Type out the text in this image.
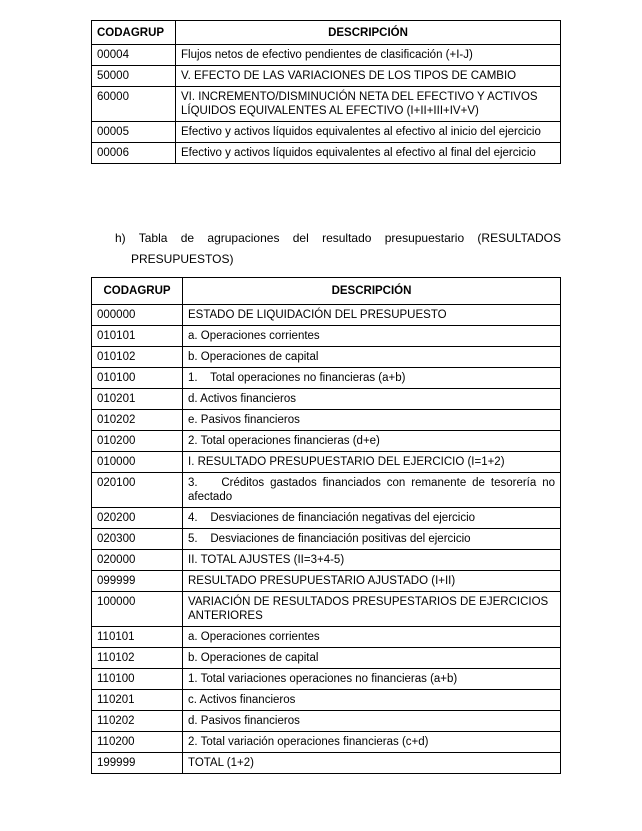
CODAGRUP	DESCRIPCIÓN
00004	Flujos netos de efectivo pendientes de clasificación (+I-J)
50000	V. EFECTO DE LAS VARIACIONES DE LOS TIPOS DE CAMBIO
60000	VI. INCREMENTO/DISMINUCIÓN NETA DEL EFECTIVO Y ACTIVOS LÍQUIDOS EQUIVALENTES AL EFECTIVO (I+II+III+IV+V)
00005	Efectivo y activos líquidos equivalentes al efectivo al inicio del ejercicio
00006	Efectivo y activos líquidos equivalentes al efectivo al final del ejercicio
h) Tabla de agrupaciones del resultado presupuestario (RESULTADOS
PRESUPUESTOS)
CODAGRUP	DESCRIPCIÓN
000000	ESTADO DE LIQUIDACIÓN DEL PRESUPUESTO
010101	a. Operaciones corrientes
010102	b. Operaciones de capital
010100	1.    Total operaciones no financieras (a+b)
010201	d. Activos financieros
010202	e. Pasivos financieros
010200	2. Total operaciones financieras (d+e)
010000	I. RESULTADO PRESUPUESTARIO DEL EJERCICIO (I=1+2)
020100	3.    Créditos gastados financiados con remanente de tesorería no afectado
020200	4.    Desviaciones de financiación negativas del ejercicio
020300	5.    Desviaciones de financiación positivas del ejercicio
020000	II. TOTAL AJUSTES (II=3+4-5)
099999	RESULTADO PRESUPUESTARIO AJUSTADO (I+II)
100000	VARIACIÓN DE RESULTADOS PRESUPESTARIOS DE EJERCICIOS ANTERIORES
110101	a. Operaciones corrientes
110102	b. Operaciones de capital
110100	1. Total variaciones operaciones no financieras (a+b)
110201	c. Activos financieros
110202	d. Pasivos financieros
110200	2. Total variación operaciones financieras (c+d)
199999	TOTAL (1+2)
